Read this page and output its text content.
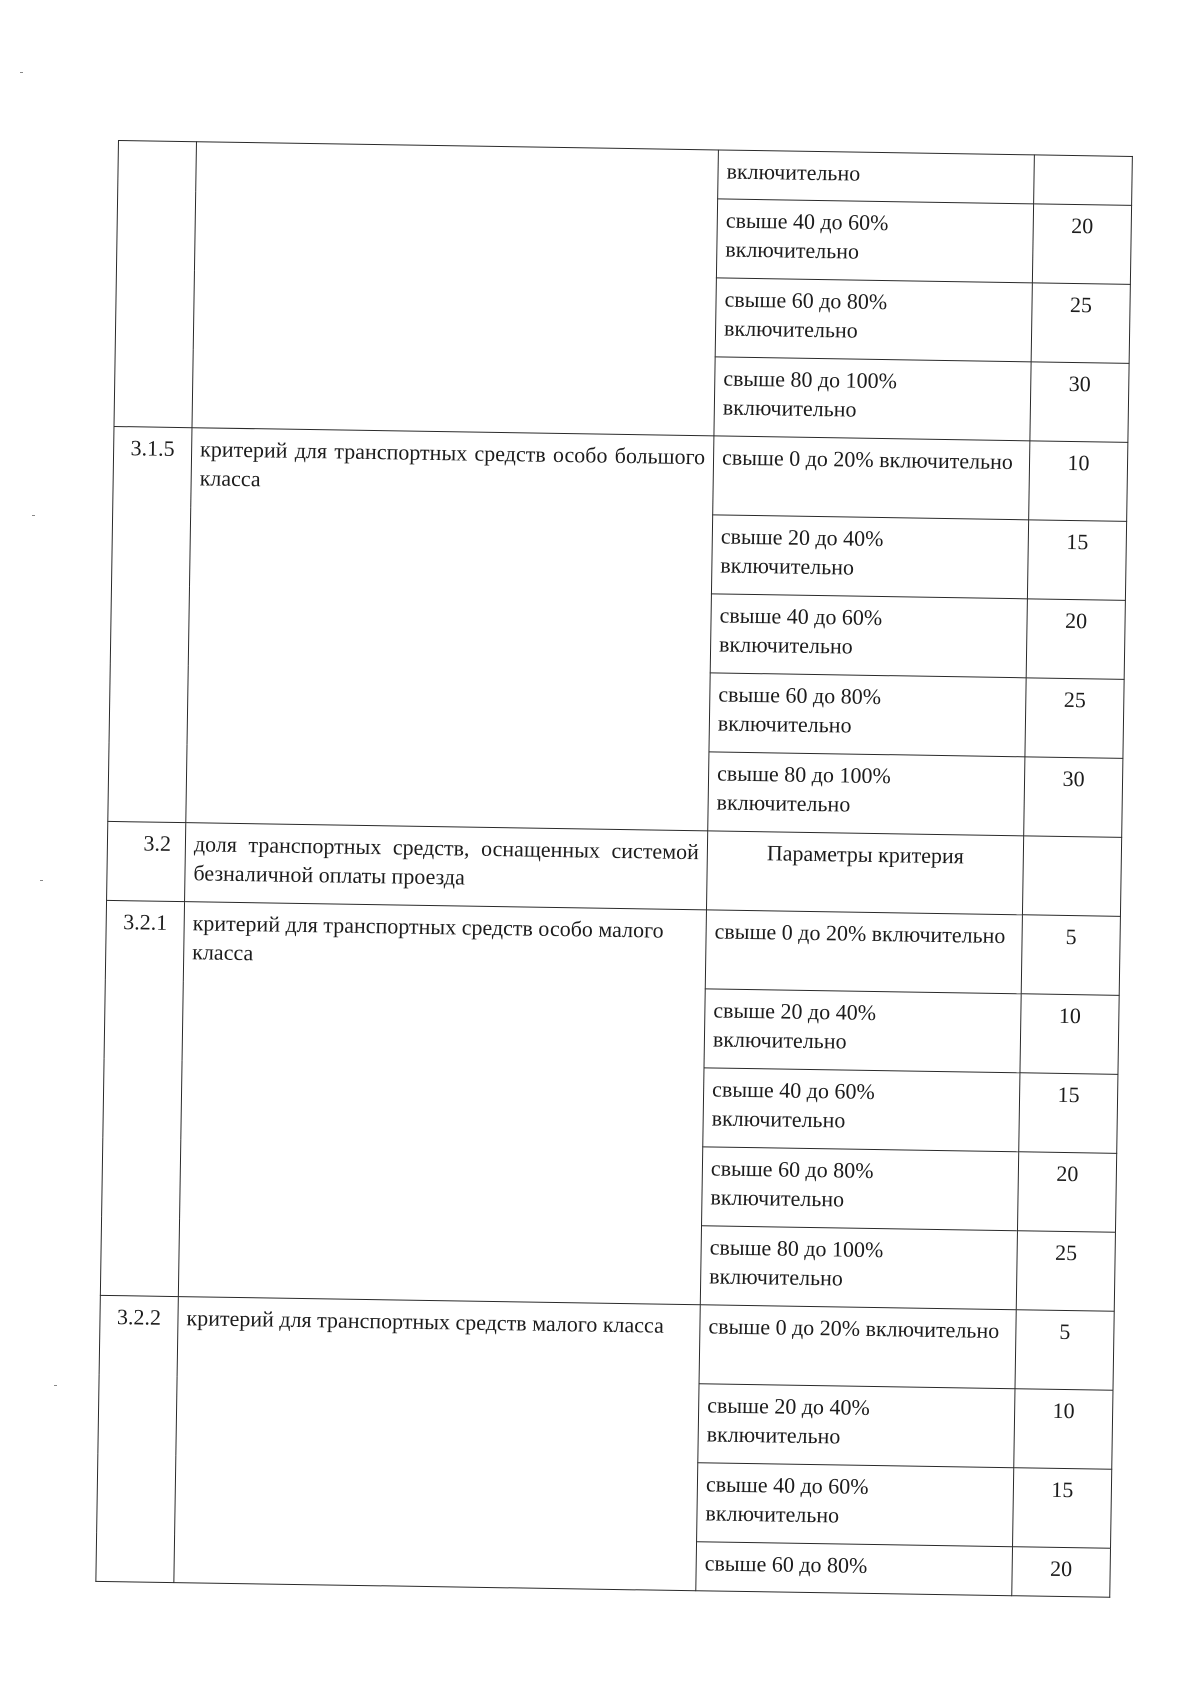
		включительно	
		свыше 40 до 60% включительно	20
		свыше 60 до 80% включительно	25
		свыше 80 до 100% включительно	30
3.1.5	критерий для транспортных средств особо большого класса	свыше 0 до 20% включительно	10
		свыше 20 до 40% включительно	15
		свыше 40 до 60% включительно	20
		свыше 60 до 80% включительно	25
		свыше 80 до 100% включительно	30
3.2	доля транспортных средств, оснащенных системой безналичной оплаты проезда	Параметры критерия	
3.2.1	критерий для транспортных средств особо малого класса	свыше 0 до 20% включительно	5
		свыше 20 до 40% включительно	10
		свыше 40 до 60% включительно	15
		свыше 60 до 80% включительно	20
		свыше 80 до 100% включительно	25
3.2.2	критерий для транспортных средств малого класса	свыше 0 до 20% включительно	5
		свыше 20 до 40% включительно	10
		свыше 40 до 60% включительно	15
		свыше 60 до 80%	20
